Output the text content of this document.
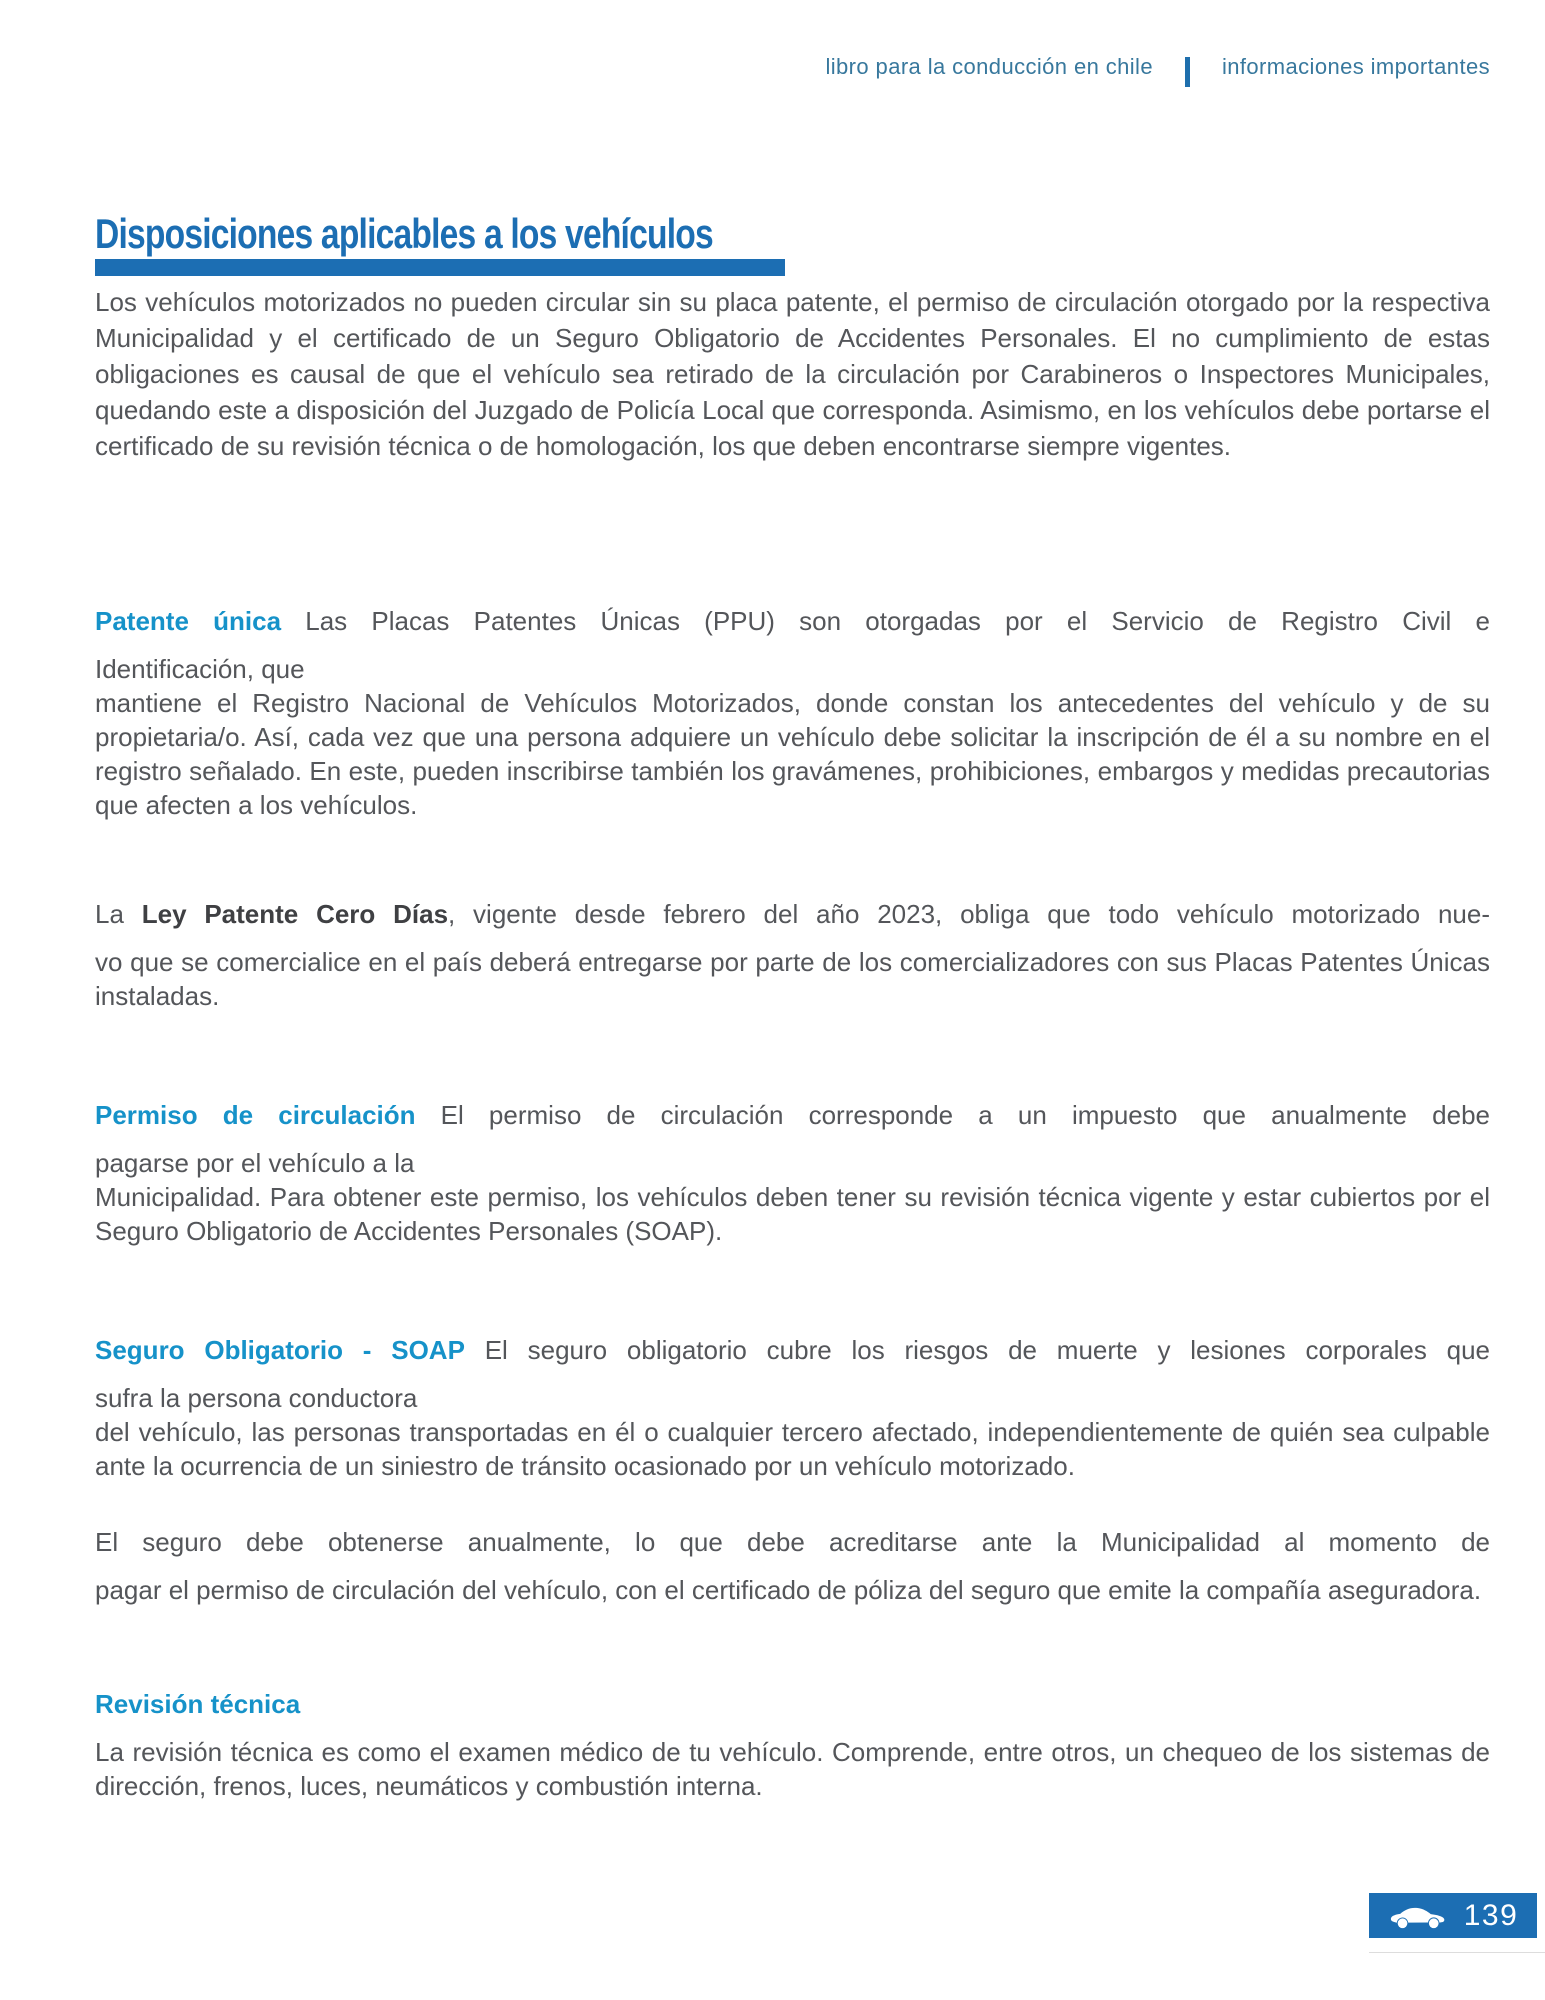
libro para la conducción en chile	informaciones importantes
Disposiciones aplicables a los vehículos

Los vehículos motorizados no pueden circular sin su placa patente, el permiso de circulación otorgado por la respectiva Municipalidad y el certificado de un Seguro Obligatorio de Accidentes Personales. El no cumplimiento de estas obligaciones es causal de que el vehículo sea retirado de la circulación por Carabineros o Inspectores Municipales, quedando este a disposición del Juzgado de Policía Local que corresponda. Asimismo, en los vehículos debe portarse el certificado de su revisión técnica o de homologación, los que deben encontrarse siempre vigentes.

Patente única Las Placas Patentes Únicas (PPU) son otorgadas por el Servicio de Registro Civil e

Identificación, que

mantiene el Registro Nacional de Vehículos Motorizados, donde constan los antecedentes del vehículo y de su propietaria/o. Así, cada vez que una persona adquiere un vehículo debe solicitar la inscripción de él a su nombre en el registro señalado. En este, pueden inscribirse también los gravámenes, prohibiciones, embargos y medidas precautorias que afecten a los vehículos.

La Ley Patente Cero Días, vigente desde febrero del año 2023, obliga que todo vehículo motorizado nue-

vo que se comercialice en el país deberá entregarse por parte de los comercializadores con sus Placas Patentes Únicas instaladas.

Permiso de circulación El permiso de circulación corresponde a un impuesto que anualmente debe

pagarse por el vehículo a la

Municipalidad. Para obtener este permiso, los vehículos deben tener su revisión técnica vigente y estar cubiertos por el Seguro Obligatorio de Accidentes Personales (SOAP).

Seguro Obligatorio - SOAP El seguro obligatorio cubre los riesgos de muerte y lesiones corporales que

sufra la persona conductora

del vehículo, las personas transportadas en él o cualquier tercero afectado, independientemente de quién sea culpable ante la ocurrencia de un siniestro de tránsito ocasionado por un vehículo motorizado.

El seguro debe obtenerse anualmente, lo que debe acreditarse ante la Municipalidad al momento de

pagar el permiso de circulación del vehículo, con el certificado de póliza del seguro que emite la compañía aseguradora.

Revisión técnica

La revisión técnica es como el examen médico de tu vehículo. Comprende, entre otros, un chequeo de los sistemas de dirección, frenos, luces, neumáticos y combustión interna.

139
